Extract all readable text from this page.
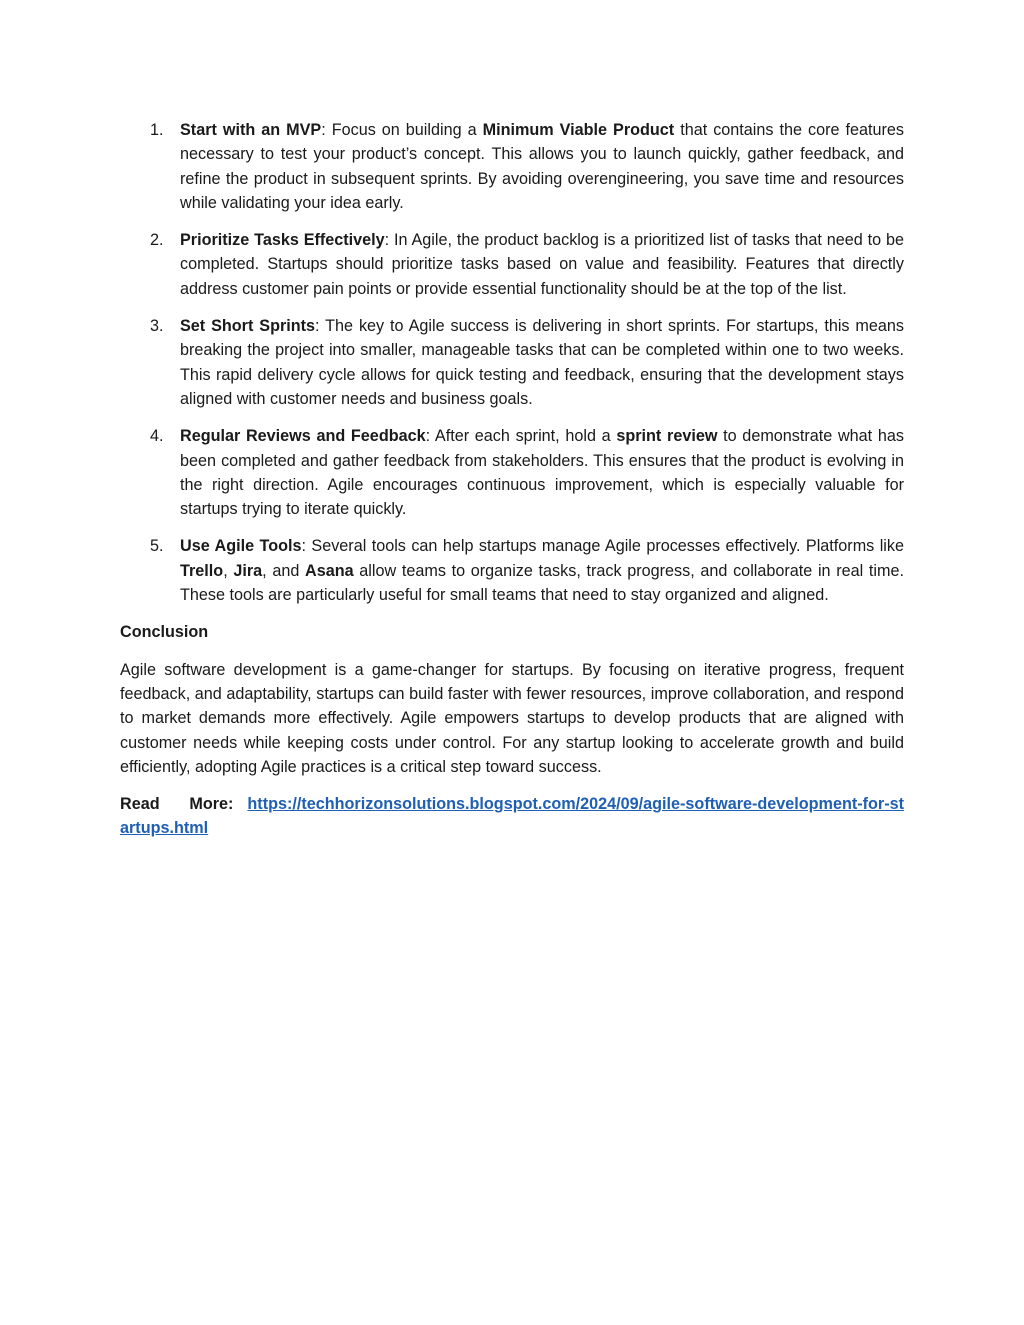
1. Start with an MVP: Focus on building a Minimum Viable Product that contains the core features necessary to test your product’s concept. This allows you to launch quickly, gather feedback, and refine the product in subsequent sprints. By avoiding overengineering, you save time and resources while validating your idea early.
2. Prioritize Tasks Effectively: In Agile, the product backlog is a prioritized list of tasks that need to be completed. Startups should prioritize tasks based on value and feasibility. Features that directly address customer pain points or provide essential functionality should be at the top of the list.
3. Set Short Sprints: The key to Agile success is delivering in short sprints. For startups, this means breaking the project into smaller, manageable tasks that can be completed within one to two weeks. This rapid delivery cycle allows for quick testing and feedback, ensuring that the development stays aligned with customer needs and business goals.
4. Regular Reviews and Feedback: After each sprint, hold a sprint review to demonstrate what has been completed and gather feedback from stakeholders. This ensures that the product is evolving in the right direction. Agile encourages continuous improvement, which is especially valuable for startups trying to iterate quickly.
5. Use Agile Tools: Several tools can help startups manage Agile processes effectively. Platforms like Trello, Jira, and Asana allow teams to organize tasks, track progress, and collaborate in real time. These tools are particularly useful for small teams that need to stay organized and aligned.
Conclusion

Agile software development is a game-changer for startups. By focusing on iterative progress, frequent feedback, and adaptability, startups can build faster with fewer resources, improve collaboration, and respond to market demands more effectively. Agile empowers startups to develop products that are aligned with customer needs while keeping costs under control. For any startup looking to accelerate growth and build efficiently, adopting Agile practices is a critical step toward success.

Read More: https://techhorizonsolutions.blogspot.com/2024/09/agile-software-development-for-startups.html
